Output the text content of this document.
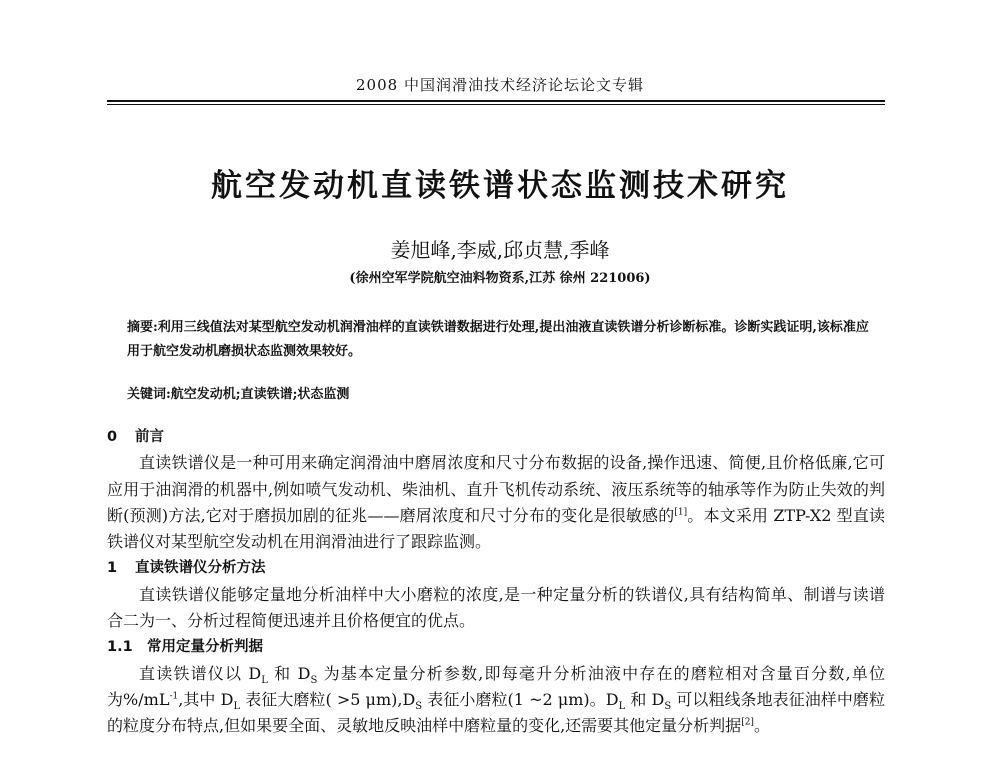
2008 中国润滑油技术经济论坛论文专辑
航空发动机直读铁谱状态监测技术研究
姜旭峰,李威,邱贞慧,季峰
(徐州空军学院航空油料物资系,江苏 徐州 221006)
摘要:利用三线值法对某型航空发动机润滑油样的直读铁谱数据进行处理,提出油液直读铁谱分析诊断标准。诊断实践证明,该标准应用于航空发动机磨损状态监测效果较好。
关键词:航空发动机;直读铁谱;状态监测
0 前言
直读铁谱仪是一种可用来确定润滑油中磨屑浓度和尺寸分布数据的设备,操作迅速、简便,且价格低廉,它可应用于油润滑的机器中,例如喷气发动机、柴油机、直升飞机传动系统、液压系统等的轴承等作为防止失效的判断(预测)方法,它对于磨损加剧的征兆——磨屑浓度和尺寸分布的变化是很敏感的[1]。本文采用 ZTP-X2 型直读铁谱仪对某型航空发动机在用润滑油进行了跟踪监测。
1 直读铁谱仪分析方法
直读铁谱仪能够定量地分析油样中大小磨粒的浓度,是一种定量分析的铁谱仪,具有结构简单、制谱与读谱合二为一、分析过程简便迅速并且价格便宜的优点。
1.1 常用定量分析判据
直读铁谱仪以 $D_L$ 和 $D_S$ 为基本定量分析参数,即每毫升分析油液中存在的磨粒相对含量百分数,单位为$\%/mL^{-1}$,其中 $D_L$ 表征大磨粒( >5 $\mu m),D_S$ 表征小磨粒(1 ~2 μm)。$D_L$ 和 $D_S$ 可以粗线条地表征油样中磨粒的粒度分布特点,但如果要全面、灵敏地反映油样中磨粒量的变化,还需要其他定量分析判据[2]。
